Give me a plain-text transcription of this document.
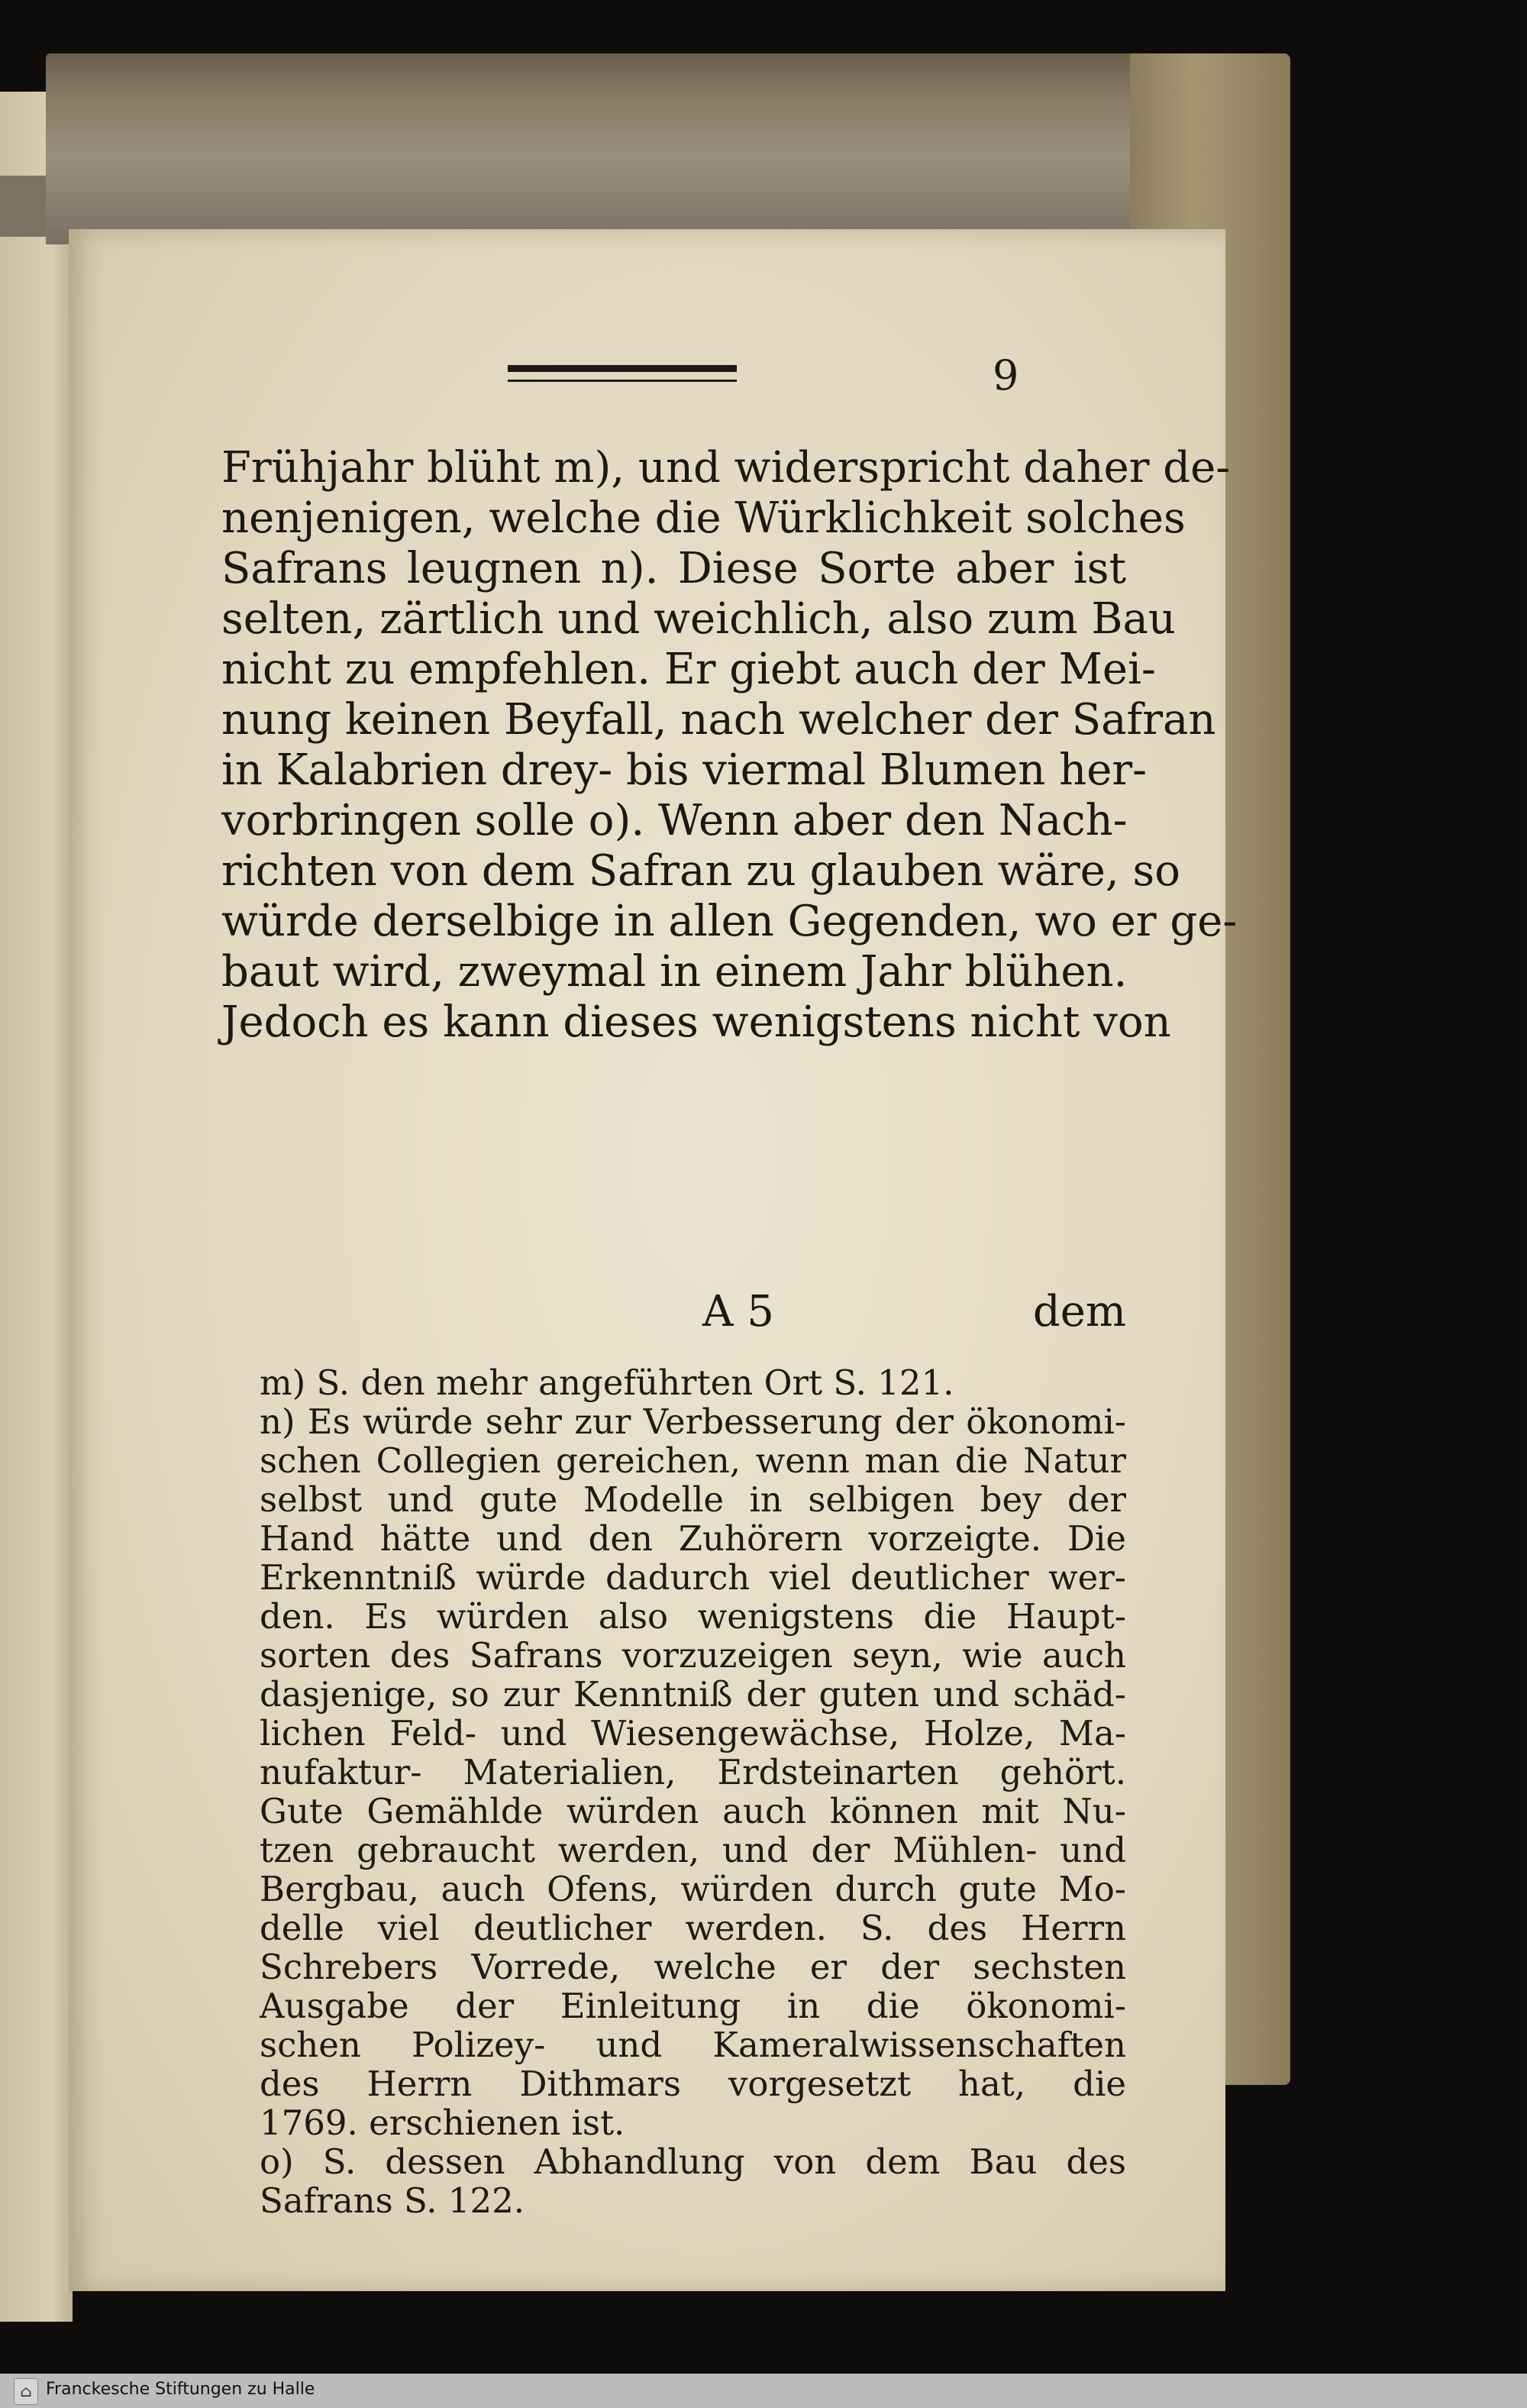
9

Frühjahr blüht m), und widerspricht daher de-
nenjenigen, welche die Würklichkeit solches
Safrans leugnen n). Diese Sorte aber ist
selten, zärtlich und weichlich, also zum Bau
nicht zu empfehlen. Er giebt auch der Mei-
nung keinen Beyfall, nach welcher der Safran
in Kalabrien drey- bis viermal Blumen her-
vorbringen solle o). Wenn aber den Nach-
richten von dem Safran zu glauben wäre, so
würde derselbige in allen Gegenden, wo er ge-
baut wird, zweymal in einem Jahr blühen.
Jedoch es kann dieses wenigstens nicht von

A 5	dem
m) S. den mehr angeführten Ort S. 121.
n) Es würde sehr zur Verbesserung der ökonomi-
schen Collegien gereichen, wenn man die Natur
selbst und gute Modelle in selbigen bey der
Hand hätte und den Zuhörern vorzeigte. Die
Erkenntniß würde dadurch viel deutlicher wer-
den. Es würden also wenigstens die Haupt-
sorten des Safrans vorzuzeigen seyn, wie auch
dasjenige, so zur Kenntniß der guten und schäd-
lichen Feld- und Wiesengewächse, Holze, Ma-
nufaktur- Materialien, Erdsteinarten gehört.
Gute Gemählde würden auch können mit Nu-
tzen gebraucht werden, und der Mühlen- und
Bergbau, auch Ofens, würden durch gute Mo-
delle viel deutlicher werden. S. des Herrn
Schrebers Vorrede, welche er der sechsten
Ausgabe der Einleitung in die ökonomi-
schen Polizey- und Kameralwissenschaften
des Herrn Dithmars vorgesetzt hat, die
1769. erschienen ist.
o) S. dessen Abhandlung von dem Bau des
Safrans S. 122.
⌂ Franckesche Stiftungen zu Halle
